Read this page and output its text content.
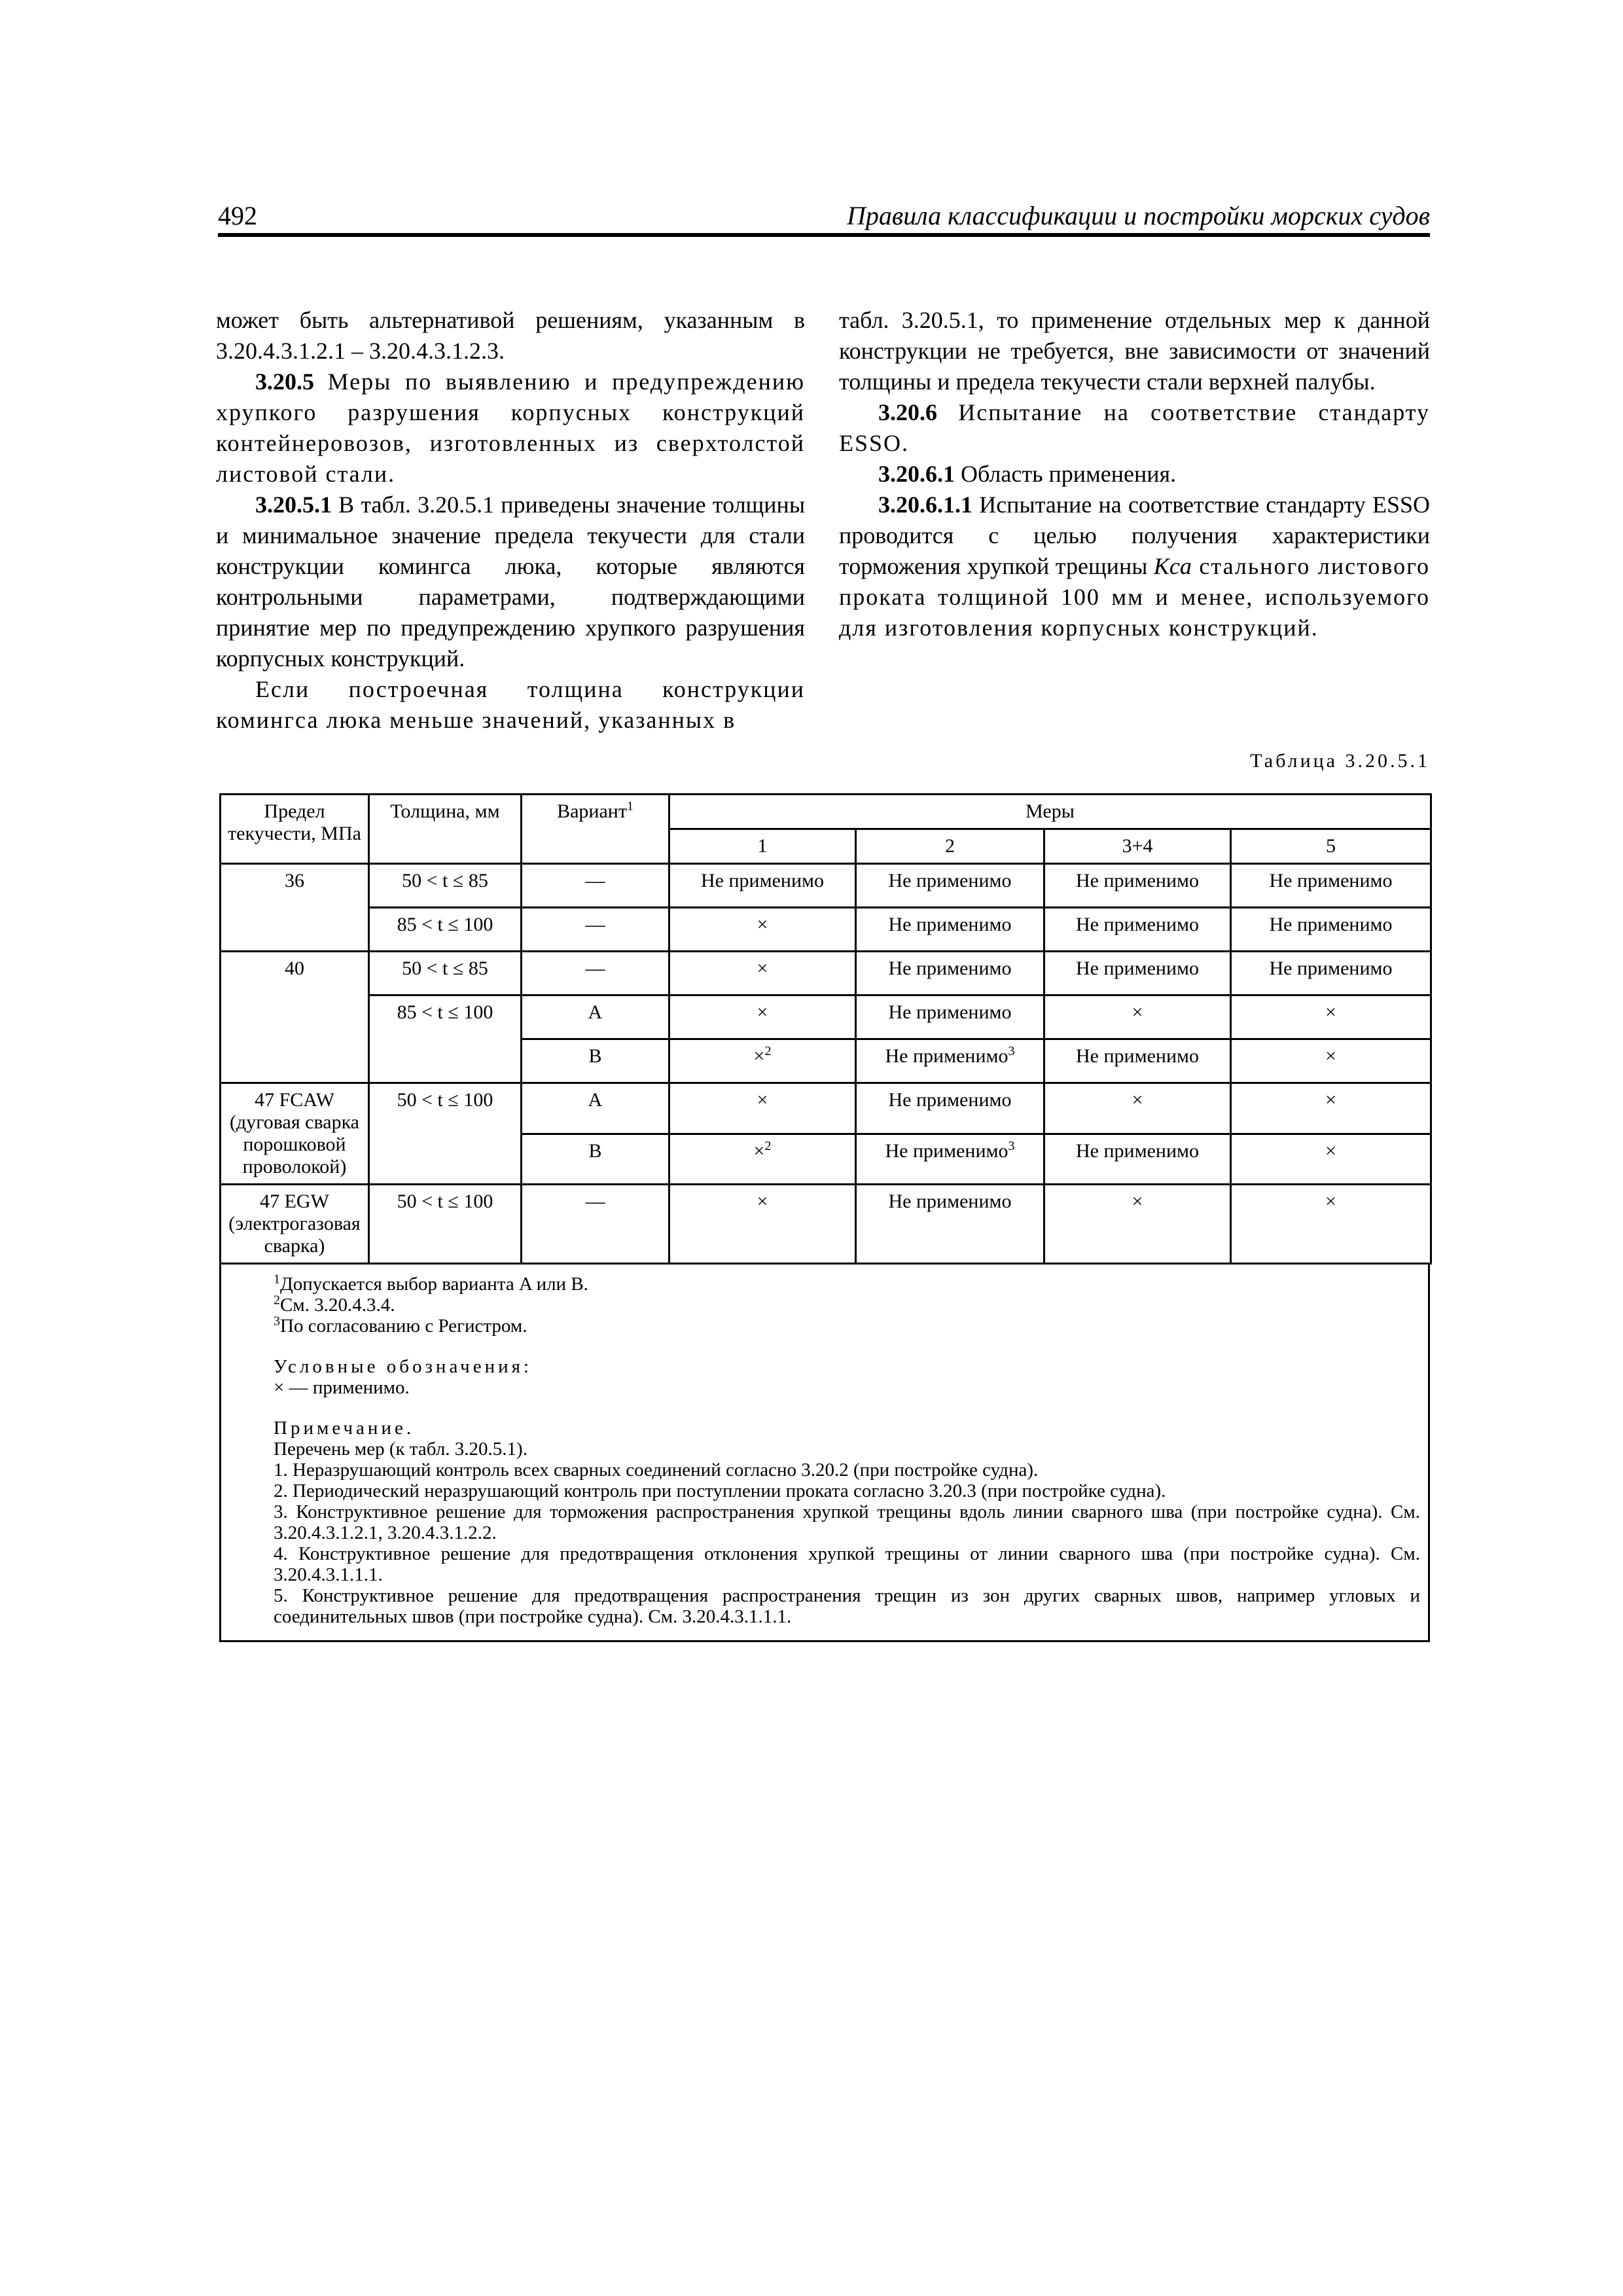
492	Правила классификации и постройки морских судов

может быть альтернативой решениям, указанным в 3.20.4.3.1.2.1 – 3.20.4.3.1.2.3.

3.20.5 Меры по выявлению и предупреждению хрупкого разрушения корпусных конструкций контейнеровозов, изготовленных из сверхтолстой листовой стали.

3.20.5.1 В табл. 3.20.5.1 приведены значение толщины и минимальное значение предела текучести для стали конструкции комингса люка, которые являются контрольными параметрами, подтверждающими принятие мер по предупреждению хрупкого разрушения корпусных конструкций.

Если построечная толщина конструкции комингса люка меньше значений, указанных в

табл. 3.20.5.1, то применение отдельных мер к данной конструкции не требуется, вне зависимости от значений толщины и предела текучести стали верхней палубы.

3.20.6 Испытание на соответствие стандарту ESSO.

3.20.6.1 Область применения.

3.20.6.1.1 Испытание на соответствие стандарту ESSO проводится с целью получения характеристики торможения хрупкой трещины Kca стального листового проката толщиной 100 мм и менее, используемого для изготовления корпусных конструкций.

Таблица 3.20.5.1
Предел текучести, МПа	Толщина, мм	Вариант$^1$	Меры			
			1	2	3+4	5
36	50 < t ≤ 85	—	Не применимо	Не применимо	Не применимо	Не применимо
	85 < t ≤ 100	—	×	Не применимо	Не применимо	Не применимо
40	50 < t ≤ 85	—	×	Не применимо	Не применимо	Не применимо
	85 < t ≤ 100	A	×	Не применимо	×	×
		B	×$^2$	Не применимо$^3$	Не применимо	×
47 FCAW (дуговая сварка порошковой проволокой)	50 < t ≤ 100	A	×	Не применимо	×	×
		B	×$^2$	Не применимо$^3$	Не применимо	×
47 EGW (электрогазовая сварка)	50 < t ≤ 100	—	×	Не применимо	×	×

$^1$Допускается выбор варианта A или B.

$^2$См. 3.20.4.3.4.

$^3$По согласованию с Регистром.

Условные обозначения:

× — применимо.

Примечание.

Перечень мер (к табл. 3.20.5.1).

1. Неразрушающий контроль всех сварных соединений согласно 3.20.2 (при постройке судна).

2. Периодический неразрушающий контроль при поступлении проката согласно 3.20.3 (при постройке судна).

3. Конструктивное решение для торможения распространения хрупкой трещины вдоль линии сварного шва (при постройке судна). См. 3.20.4.3.1.2.1, 3.20.4.3.1.2.2.

4. Конструктивное решение для предотвращения отклонения хрупкой трещины от линии сварного шва (при постройке судна). См. 3.20.4.3.1.1.1.

5. Конструктивное решение для предотвращения распространения трещин из зон других сварных швов, например угловых и соединительных швов (при постройке судна). См. 3.20.4.3.1.1.1.
